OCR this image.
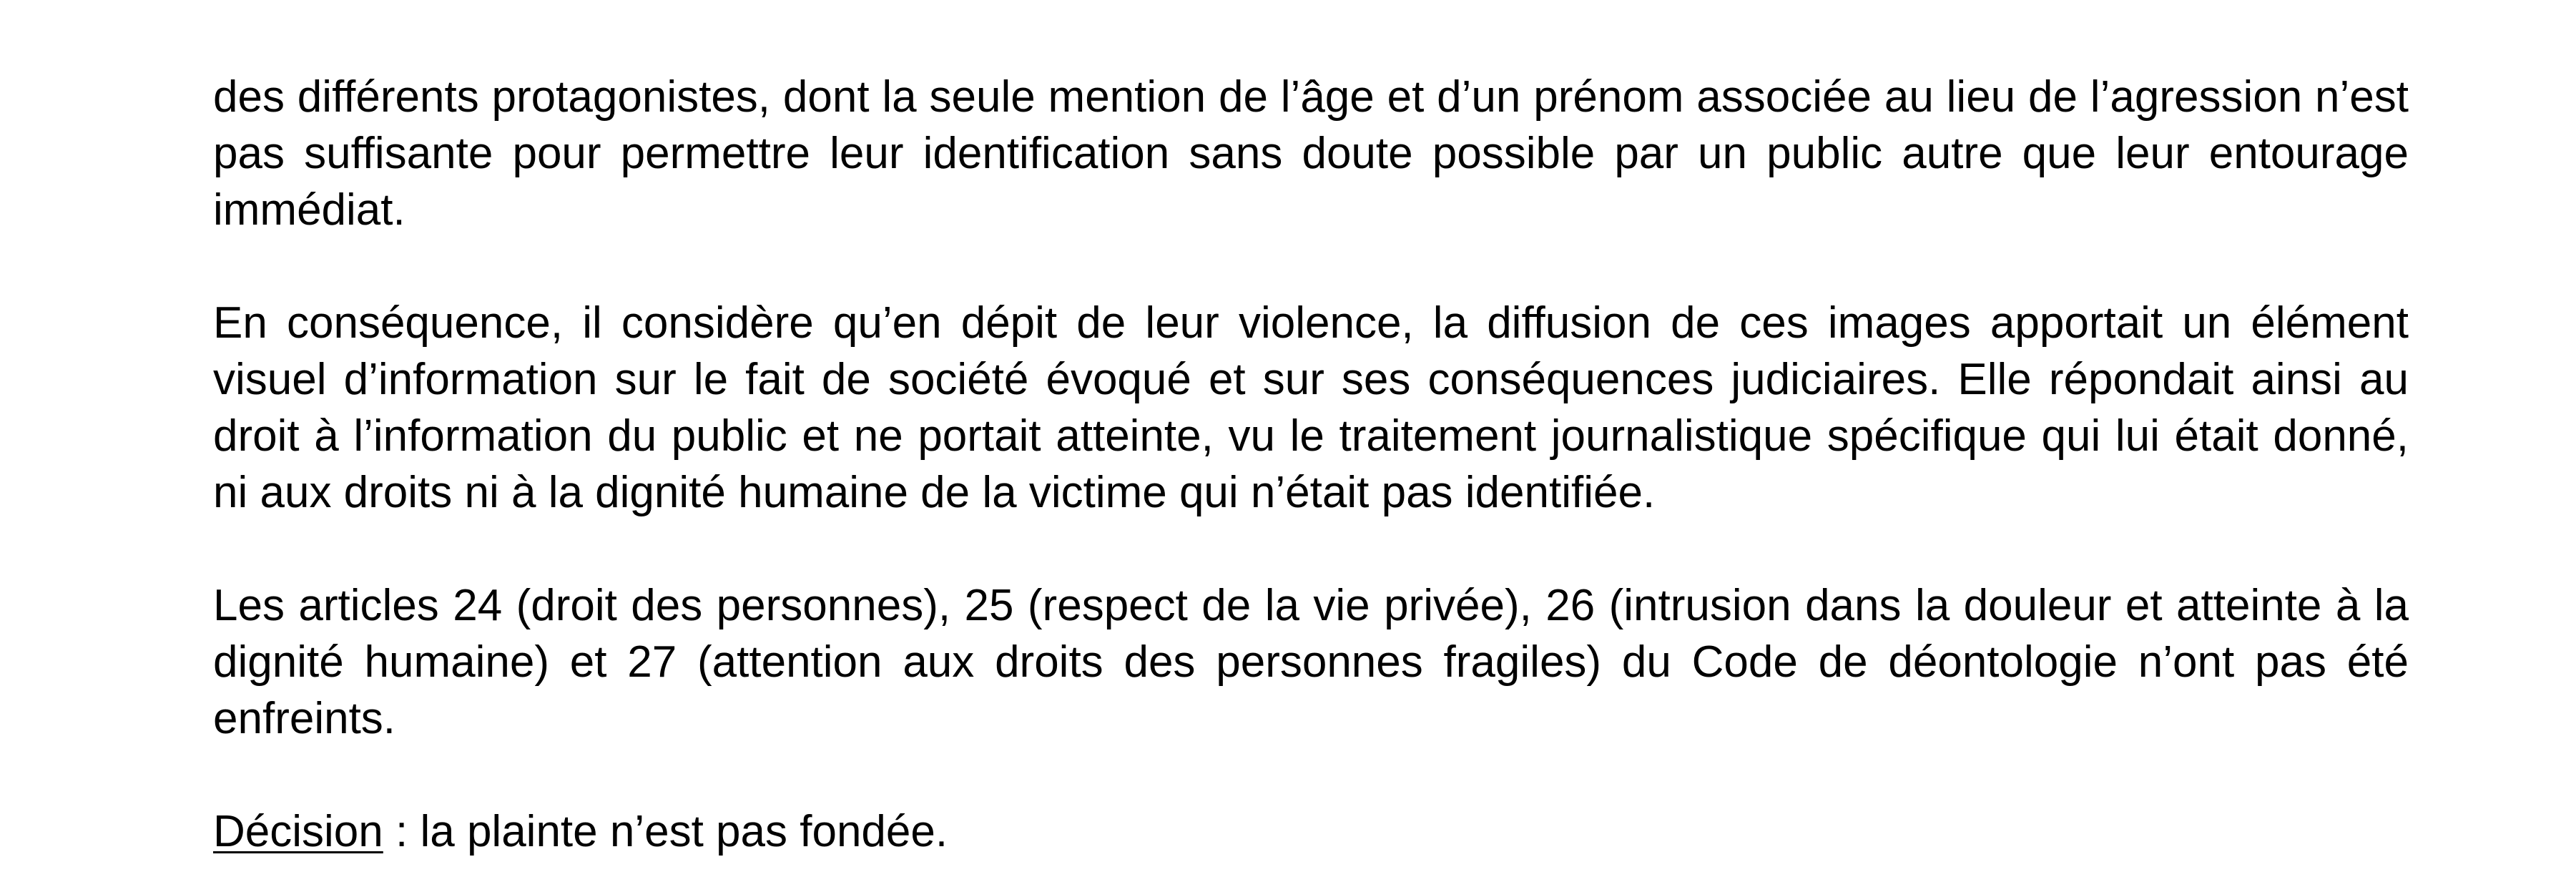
des différents protagonistes, dont la seule mention de l’âge et d’un prénom associée au lieu de l’agression n’est pas suffisante pour permettre leur identification sans doute possible par un public autre que leur entourage immédiat.

En conséquence, il considère qu’en dépit de leur violence, la diffusion de ces images apportait un élément visuel d’information sur le fait de société évoqué et sur ses conséquences judiciaires. Elle répondait ainsi au droit à l’information du public et ne portait atteinte, vu le traitement journalistique spécifique qui lui était donné, ni aux droits ni à la dignité humaine de la victime qui n’était pas identifiée.

Les articles 24 (droit des personnes), 25 (respect de la vie privée), 26 (intrusion dans la douleur et atteinte à la dignité humaine) et 27 (attention aux droits des personnes fragiles) du Code de déontologie n’ont pas été enfreints.

Décision : la plainte n’est pas fondée.
